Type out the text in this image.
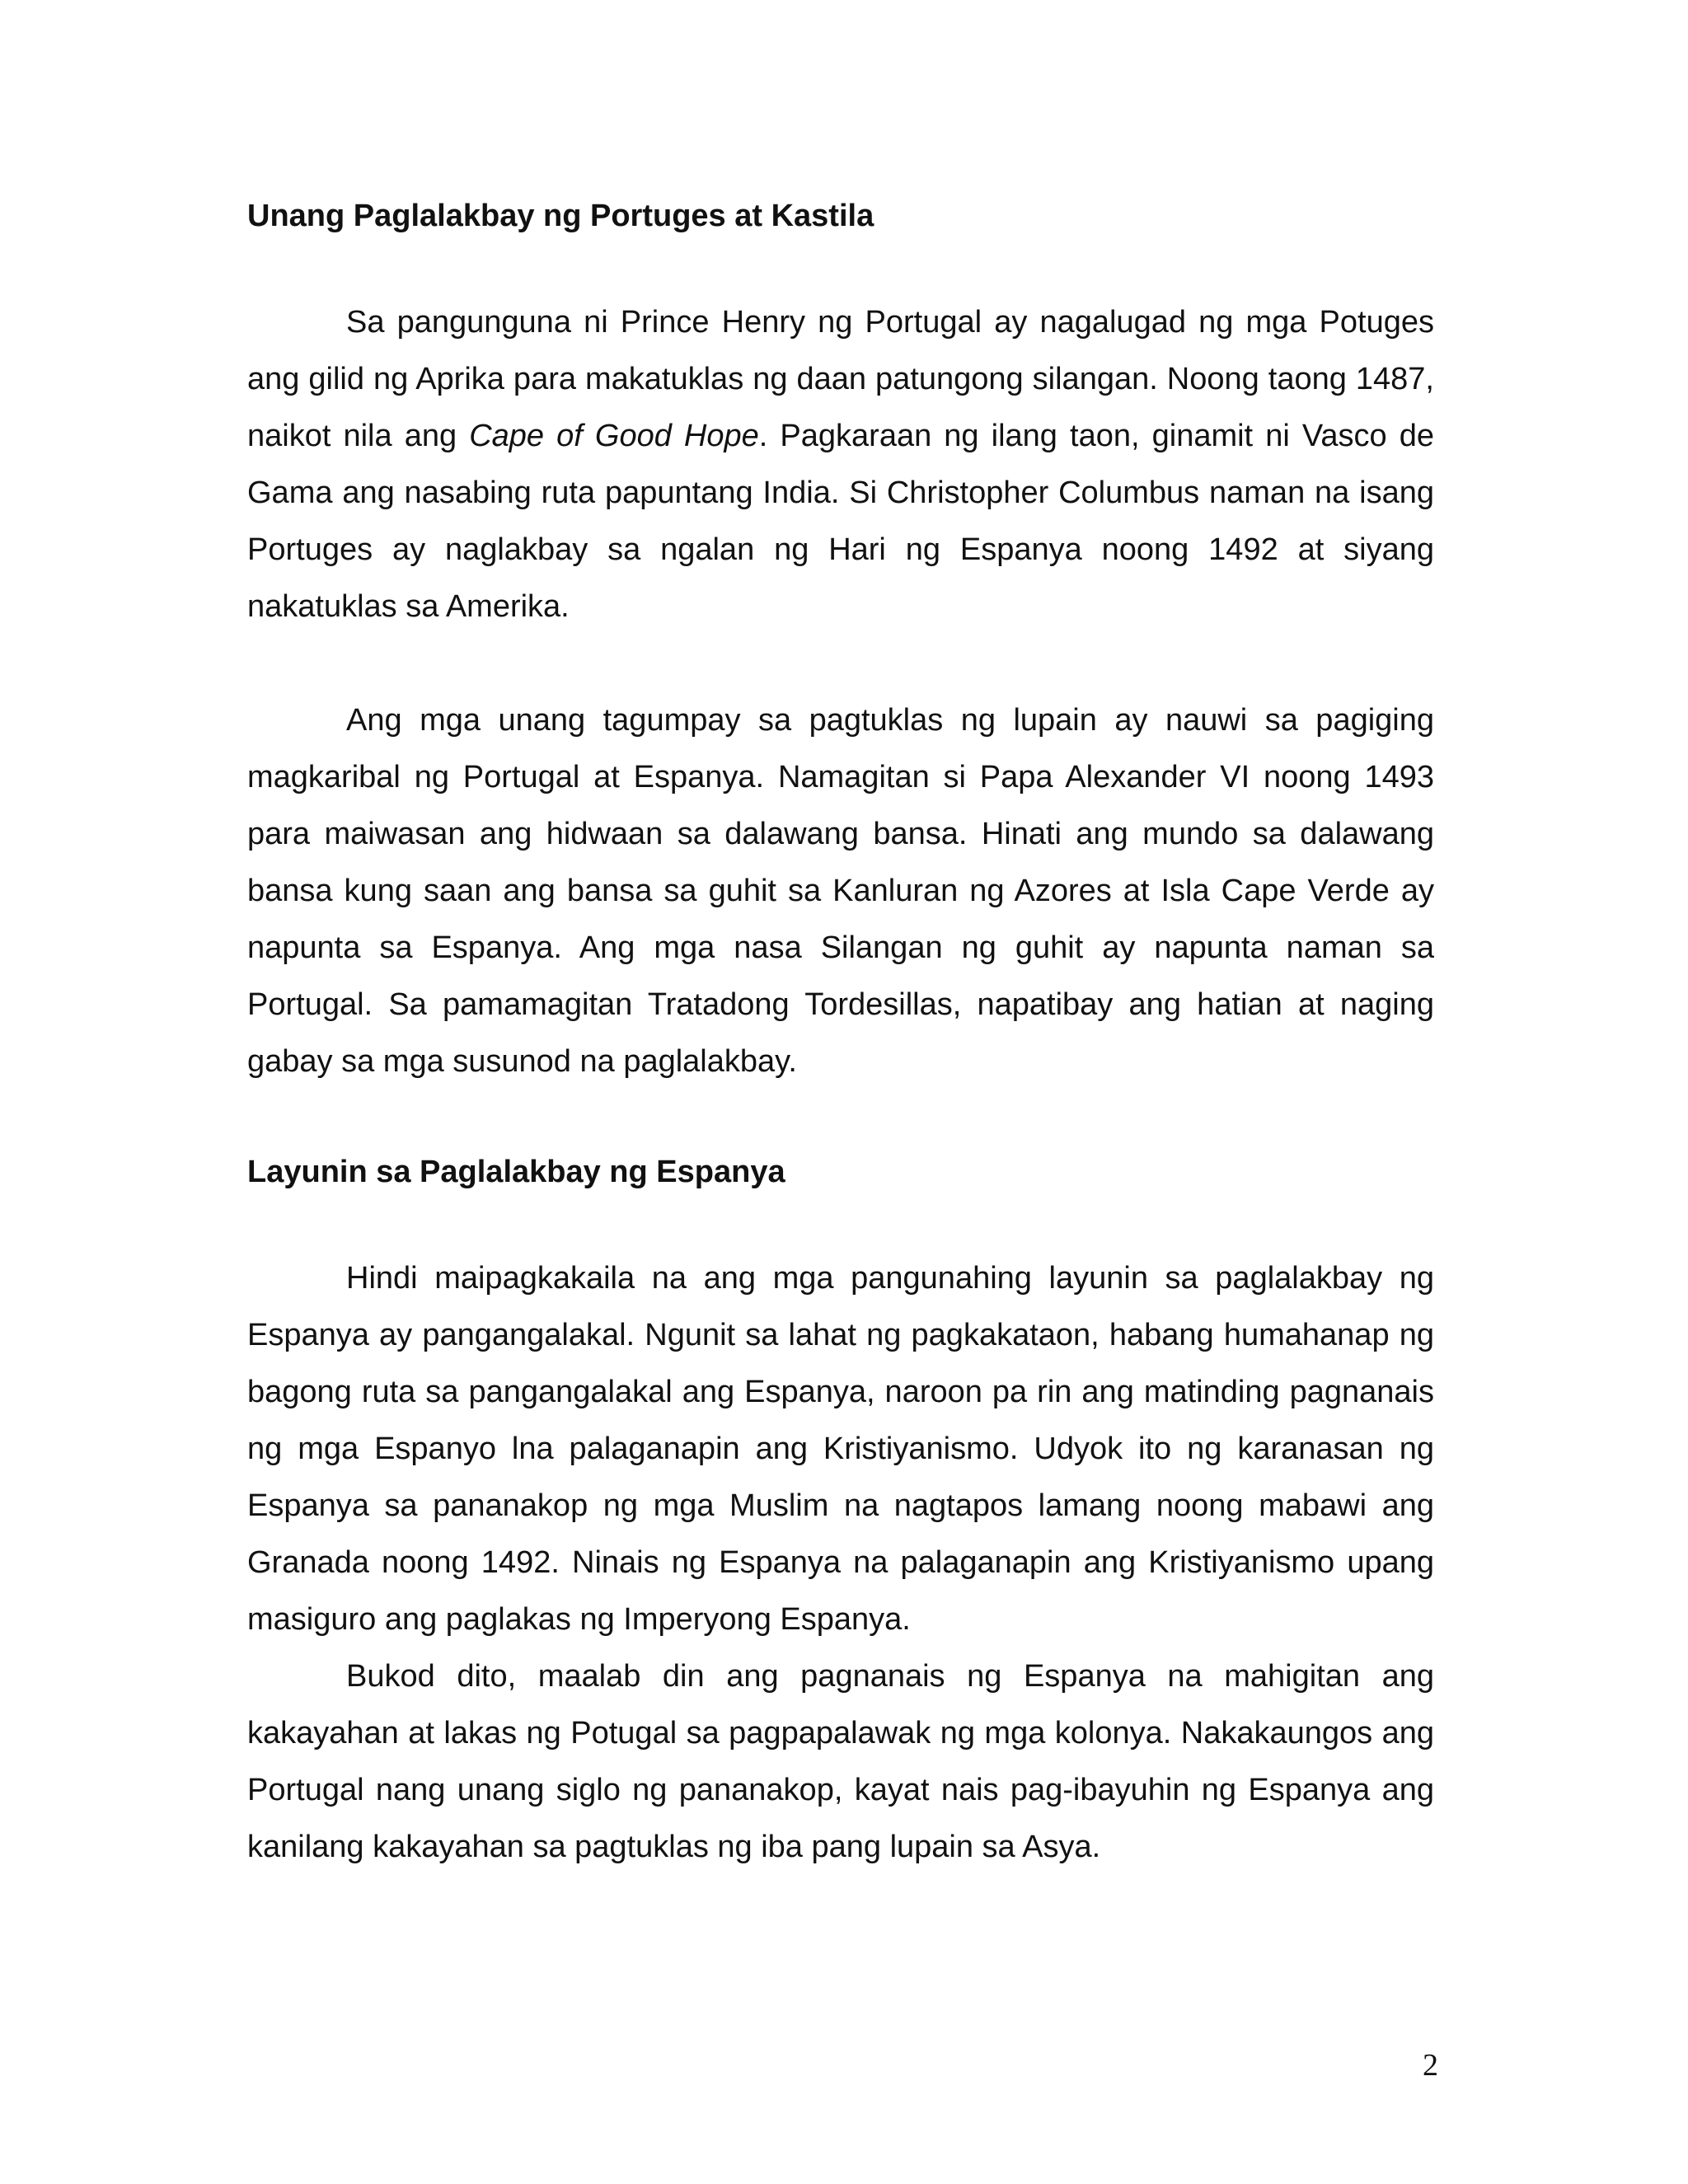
Unang Paglalakbay ng Portuges at Kastila

Sa pangunguna ni Prince Henry ng Portugal ay nagalugad ng mga Potuges ang gilid ng Aprika para makatuklas ng daan patungong silangan. Noong taong 1487, naikot nila ang Cape of Good Hope. Pagkaraan ng ilang taon, ginamit ni Vasco de Gama ang nasabing ruta papuntang India. Si Christopher Columbus naman na isang Portuges ay naglakbay sa ngalan ng Hari ng Espanya noong 1492 at siyang nakatuklas sa Amerika.

Ang mga unang tagumpay sa pagtuklas ng lupain ay nauwi sa pagiging magkaribal ng Portugal at Espanya. Namagitan si Papa Alexander VI noong 1493 para maiwasan ang hidwaan sa dalawang bansa. Hinati ang mundo sa dalawang bansa kung saan ang bansa sa guhit sa Kanluran ng Azores at Isla Cape Verde ay napunta sa Espanya. Ang mga nasa Silangan ng guhit ay napunta naman sa Portugal. Sa pamamagitan Tratadong Tordesillas, napatibay ang hatian at naging gabay sa mga susunod na paglalakbay.

Layunin sa Paglalakbay ng Espanya

Hindi maipagkakaila na ang mga pangunahing layunin sa paglalakbay ng Espanya ay pangangalakal. Ngunit sa lahat ng pagkakataon, habang humahanap ng bagong ruta sa pangangalakal ang Espanya, naroon pa rin ang matinding pagnanais ng mga Espanyo lna palaganapin ang Kristiyanismo. Udyok ito ng karanasan ng Espanya sa pananakop ng mga Muslim na nagtapos lamang noong mabawi ang Granada noong 1492. Ninais ng Espanya na palaganapin ang Kristiyanismo upang masiguro ang paglakas ng Imperyong Espanya.

Bukod dito, maalab din ang pagnanais ng Espanya na mahigitan ang kakayahan at lakas ng Potugal sa pagpapalawak ng mga kolonya. Nakakaungos ang Portugal nang unang siglo ng pananakop, kayat nais pag-ibayuhin ng Espanya ang kanilang kakayahan sa pagtuklas ng iba pang lupain sa Asya.

2
